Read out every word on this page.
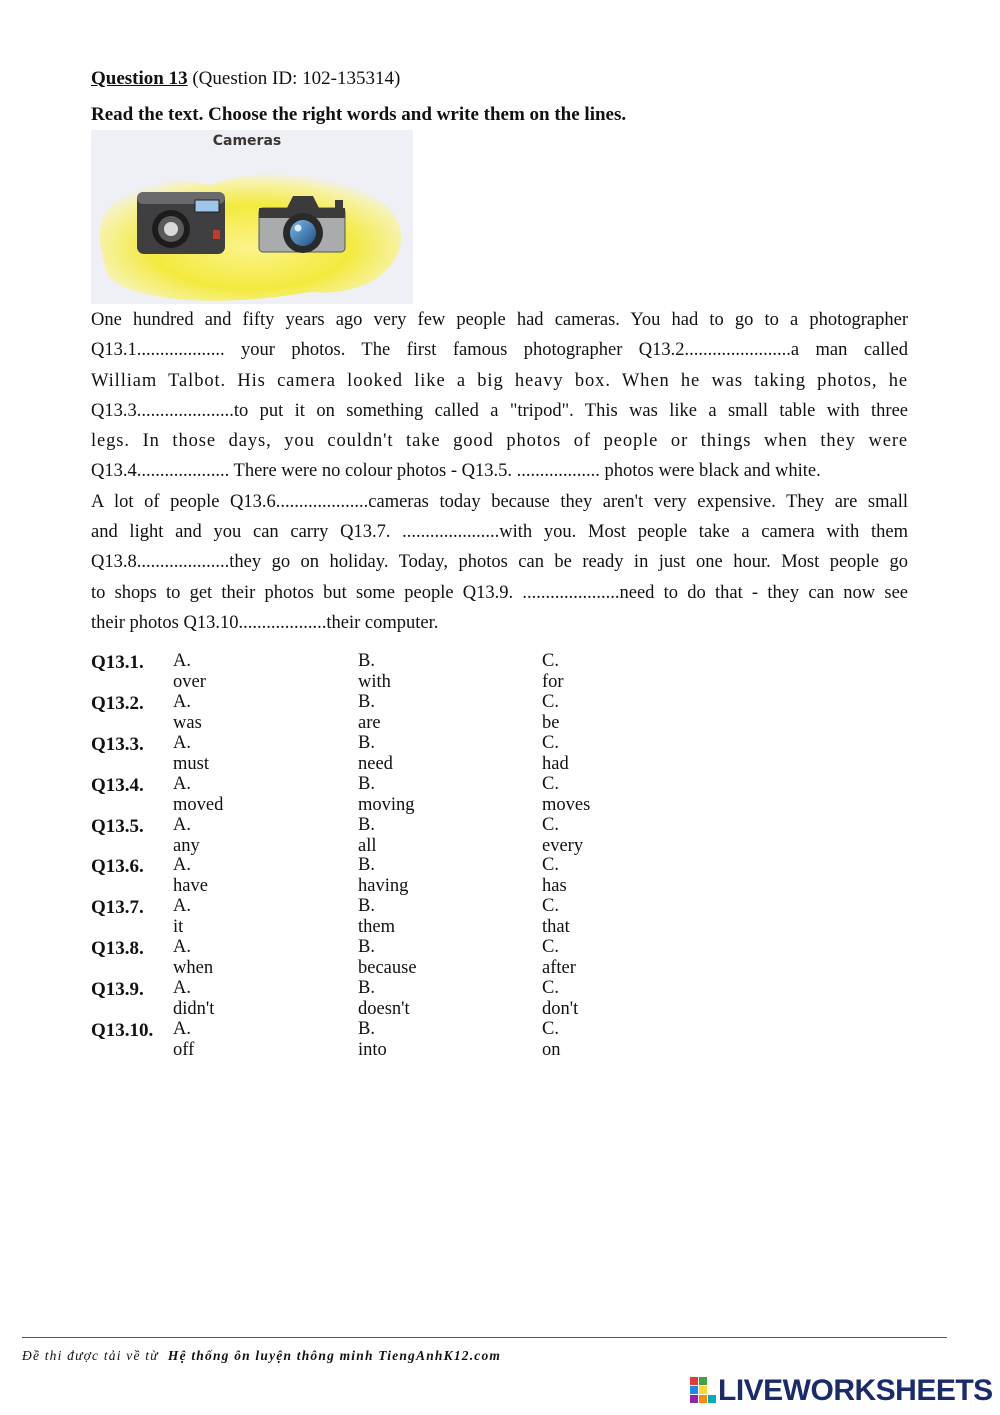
Question 13 (Question ID: 102-135314)
Read the text. Choose the right words and write them on the lines.
Cameras
One hundred and fifty years ago very few people had cameras. You had to go to a photographer
Q13.1................... your photos. The first famous photographer Q13.2.......................a man called
William Talbot. His camera looked like a big heavy box. When he was taking photos, he
Q13.3.....................to put it on something called a "tripod". This was like a small table with three
legs. In those days, you couldn't take good photos of people or things when they were
Q13.4.................... There were no colour photos - Q13.5. .................. photos were black and white.
A lot of people Q13.6....................cameras today because they aren't very expensive. They are small
and light and you can carry Q13.7. .....................with you. Most people take a camera with them
Q13.8....................they go on holiday. Today, photos can be ready in just one hour. Most people go
to shops to get their photos but some people Q13.9. .....................need to do that - they can now see
their photos Q13.10...................their computer.
Q13.1. A. over
B. with
C. for
Q13.2. A. was
B. are
C. be
Q13.3. A. must
B. need
C. had
Q13.4. A. moved
B. moving
C. moves
Q13.5. A. any
B. all
C. every
Q13.6. A. have
B. having
C. has
Q13.7. A. it
B. them
C. that
Q13.8. A. when
B. because
C. after
Q13.9. A. didn't
B. doesn't
C. don't
Q13.10. A. off
B. into
C. on
Đề thi được tải về từ Hệ thống ôn luyện thông minh TiengAnhK12.com
LIVEWORKSHEETS
